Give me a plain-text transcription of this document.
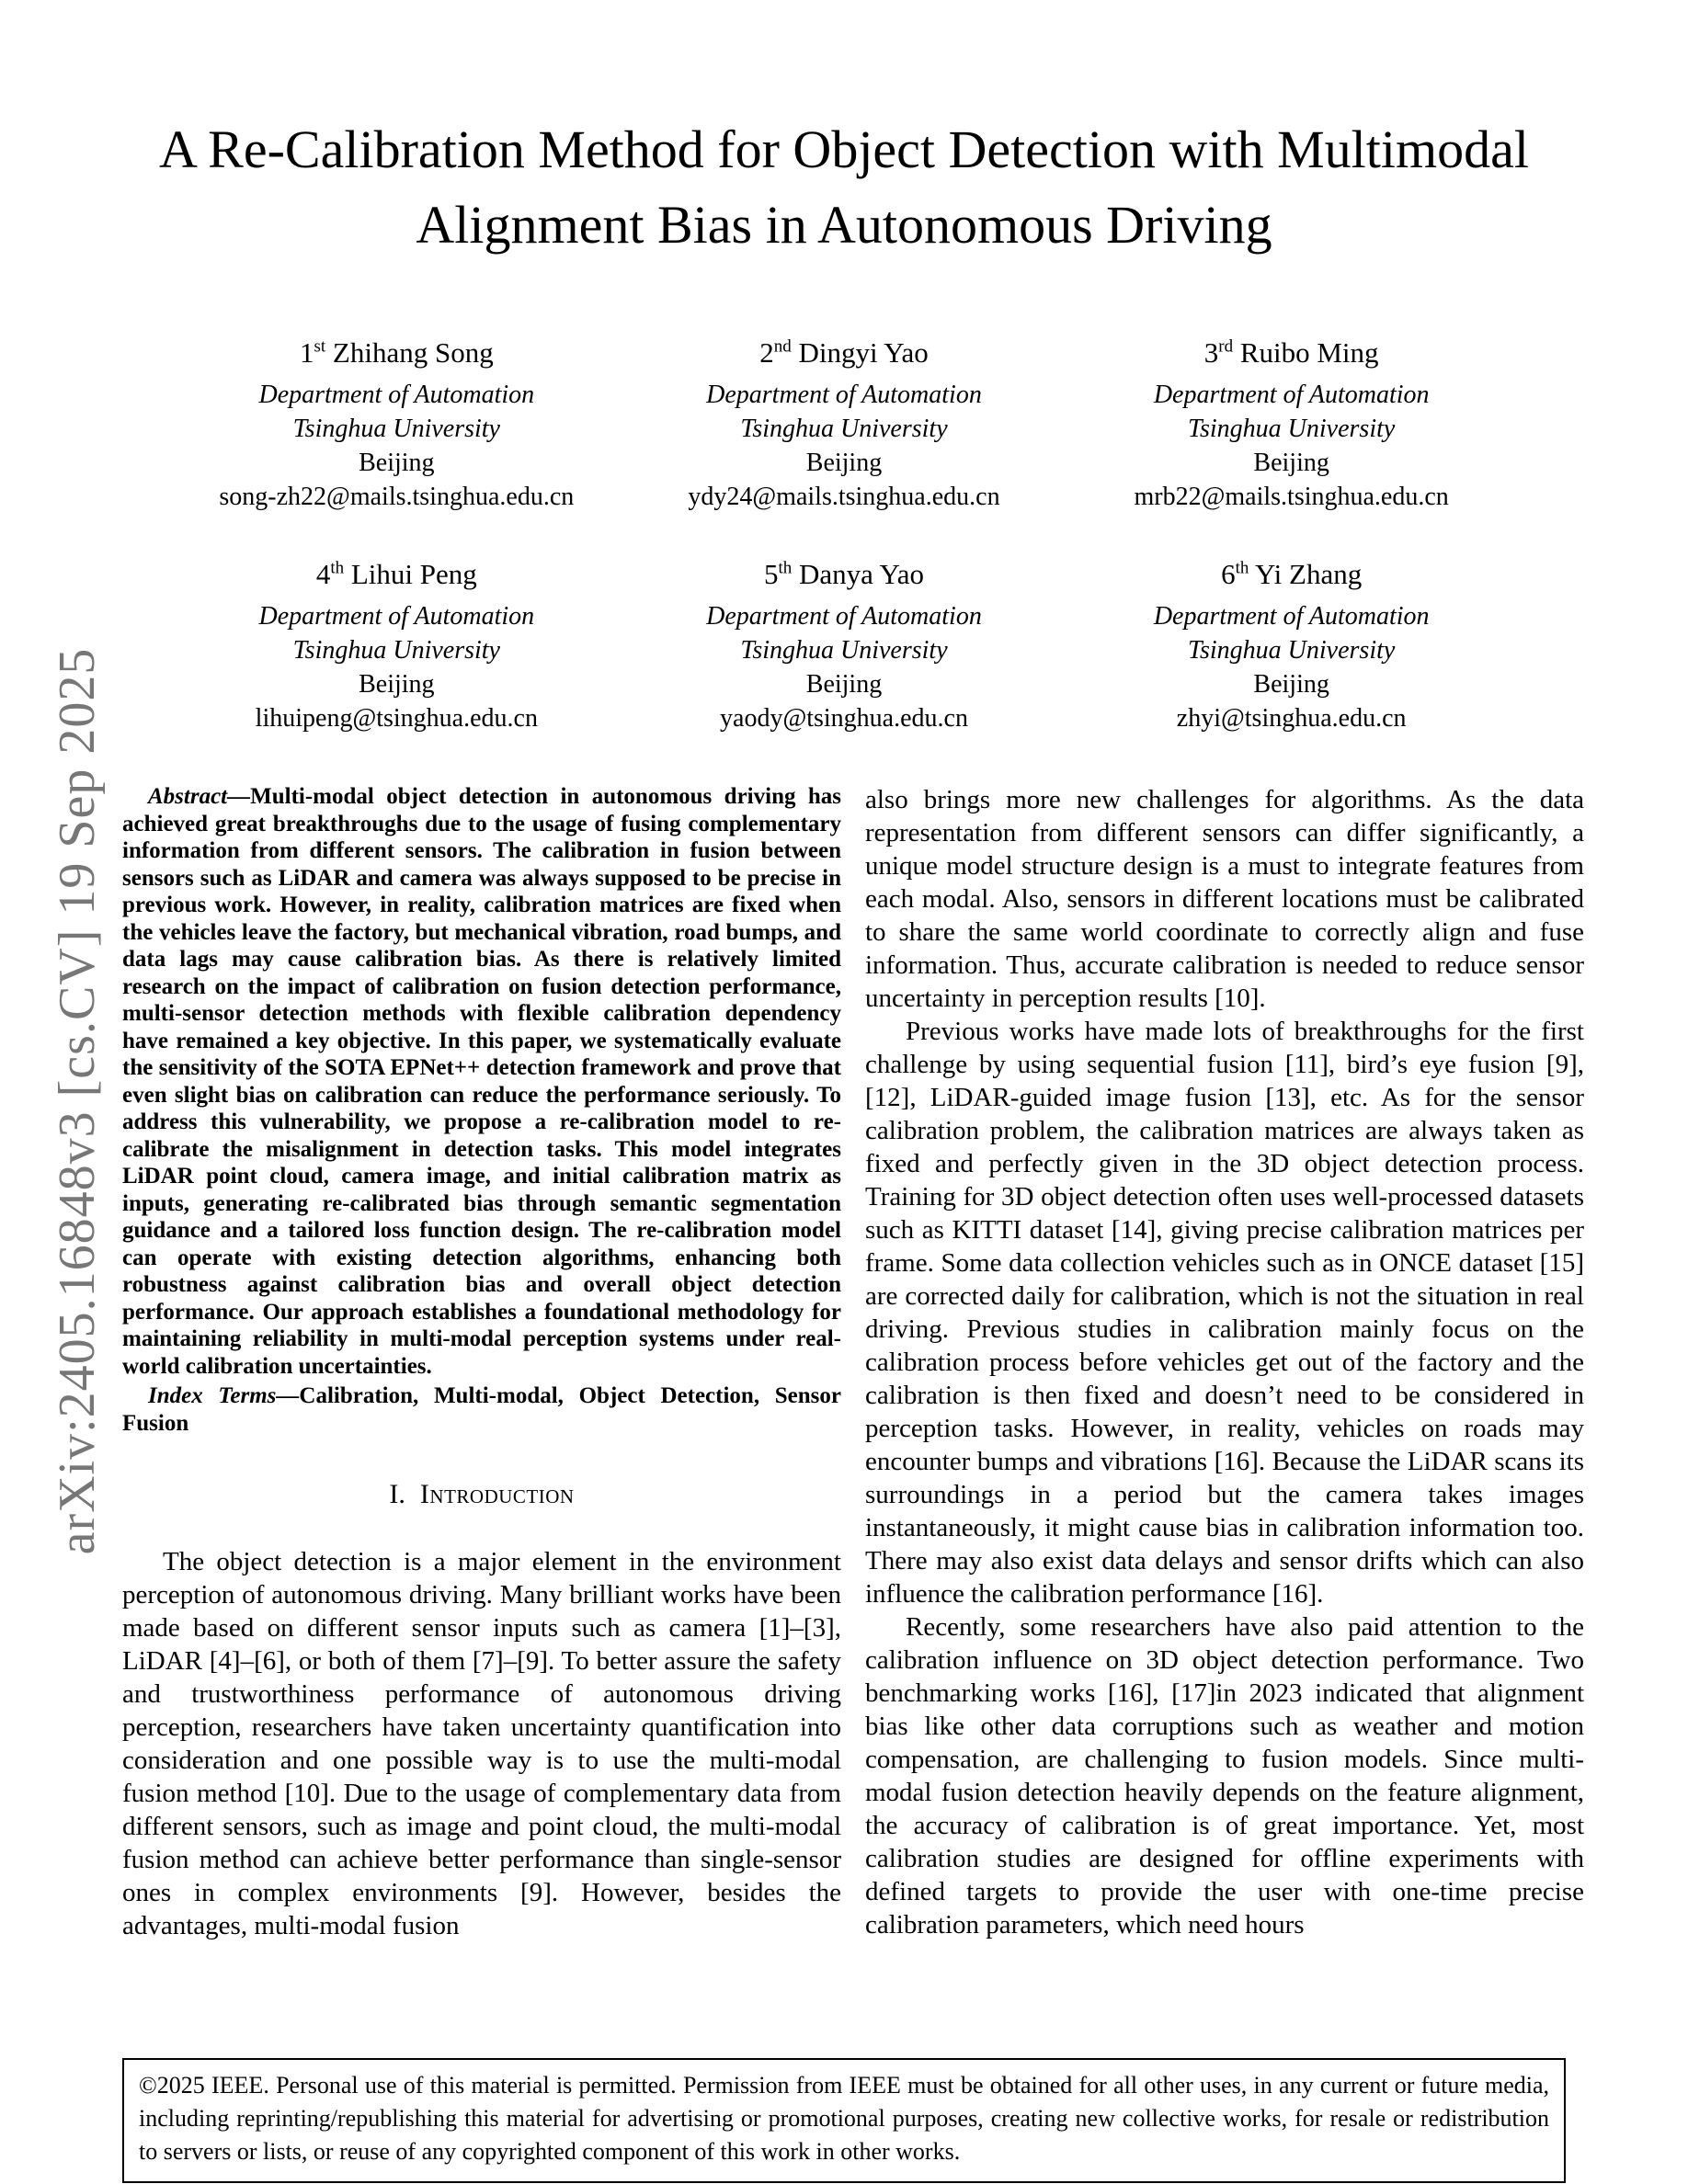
arXiv:2405.16848v3 [cs.CV] 19 Sep 2025
A Re-Calibration Method for Object Detection with Multimodal Alignment Bias in Autonomous Driving
1st Zhihang Song
Department of Automation
Tsinghua University
Beijing
song-zh22@mails.tsinghua.edu.cn
2nd Dingyi Yao
Department of Automation
Tsinghua University
Beijing
ydy24@mails.tsinghua.edu.cn
3rd Ruibo Ming
Department of Automation
Tsinghua University
Beijing
mrb22@mails.tsinghua.edu.cn
4th Lihui Peng
Department of Automation
Tsinghua University
Beijing
lihuipeng@tsinghua.edu.cn
5th Danya Yao
Department of Automation
Tsinghua University
Beijing
yaody@tsinghua.edu.cn
6th Yi Zhang
Department of Automation
Tsinghua University
Beijing
zhyi@tsinghua.edu.cn

Abstract—Multi-modal object detection in autonomous driving has achieved great breakthroughs due to the usage of fusing complementary information from different sensors. The calibration in fusion between sensors such as LiDAR and camera was always supposed to be precise in previous work. However, in reality, calibration matrices are fixed when the vehicles leave the factory, but mechanical vibration, road bumps, and data lags may cause calibration bias. As there is relatively limited research on the impact of calibration on fusion detection performance, multi-sensor detection methods with flexible calibration dependency have remained a key objective. In this paper, we systematically evaluate the sensitivity of the SOTA EPNet++ detection framework and prove that even slight bias on calibration can reduce the performance seriously. To address this vulnerability, we propose a re-calibration model to re-calibrate the misalignment in detection tasks. This model integrates LiDAR point cloud, camera image, and initial calibration matrix as inputs, generating re-calibrated bias through semantic segmentation guidance and a tailored loss function design. The re-calibration model can operate with existing detection algorithms, enhancing both robustness against calibration bias and overall object detection performance. Our approach establishes a foundational methodology for maintaining reliability in multi-modal perception systems under real-world calibration uncertainties.

Index Terms—Calibration, Multi-modal, Object Detection, Sensor Fusion

I. Introduction

The object detection is a major element in the environment perception of autonomous driving. Many brilliant works have been made based on different sensor inputs such as camera [1]–[3], LiDAR [4]–[6], or both of them [7]–[9]. To better assure the safety and trustworthiness performance of autonomous driving perception, researchers have taken uncertainty quantification into consideration and one possible way is to use the multi-modal fusion method [10]. Due to the usage of complementary data from different sensors, such as image and point cloud, the multi-modal fusion method can achieve better performance than single-sensor ones in complex environments [9]. However, besides the advantages, multi-modal fusion

also brings more new challenges for algorithms. As the data representation from different sensors can differ significantly, a unique model structure design is a must to integrate features from each modal. Also, sensors in different locations must be calibrated to share the same world coordinate to correctly align and fuse information. Thus, accurate calibration is needed to reduce sensor uncertainty in perception results [10].

Previous works have made lots of breakthroughs for the first challenge by using sequential fusion [11], bird’s eye fusion [9], [12], LiDAR-guided image fusion [13], etc. As for the sensor calibration problem, the calibration matrices are always taken as fixed and perfectly given in the 3D object detection process. Training for 3D object detection often uses well-processed datasets such as KITTI dataset [14], giving precise calibration matrices per frame. Some data collection vehicles such as in ONCE dataset [15] are corrected daily for calibration, which is not the situation in real driving. Previous studies in calibration mainly focus on the calibration process before vehicles get out of the factory and the calibration is then fixed and doesn’t need to be considered in perception tasks. However, in reality, vehicles on roads may encounter bumps and vibrations [16]. Because the LiDAR scans its surroundings in a period but the camera takes images instantaneously, it might cause bias in calibration information too. There may also exist data delays and sensor drifts which can also influence the calibration performance [16].

Recently, some researchers have also paid attention to the calibration influence on 3D object detection performance. Two benchmarking works [16], [17]in 2023 indicated that alignment bias like other data corruptions such as weather and motion compensation, are challenging to fusion models. Since multi-modal fusion detection heavily depends on the feature alignment, the accuracy of calibration is of great importance. Yet, most calibration studies are designed for offline experiments with defined targets to provide the user with one-time precise calibration parameters, which need hours

©2025 IEEE. Personal use of this material is permitted. Permission from IEEE must be obtained for all other uses, in any current or future media, including reprinting/republishing this material for advertising or promotional purposes, creating new collective works, for resale or redistribution to servers or lists, or reuse of any copyrighted component of this work in other works.
